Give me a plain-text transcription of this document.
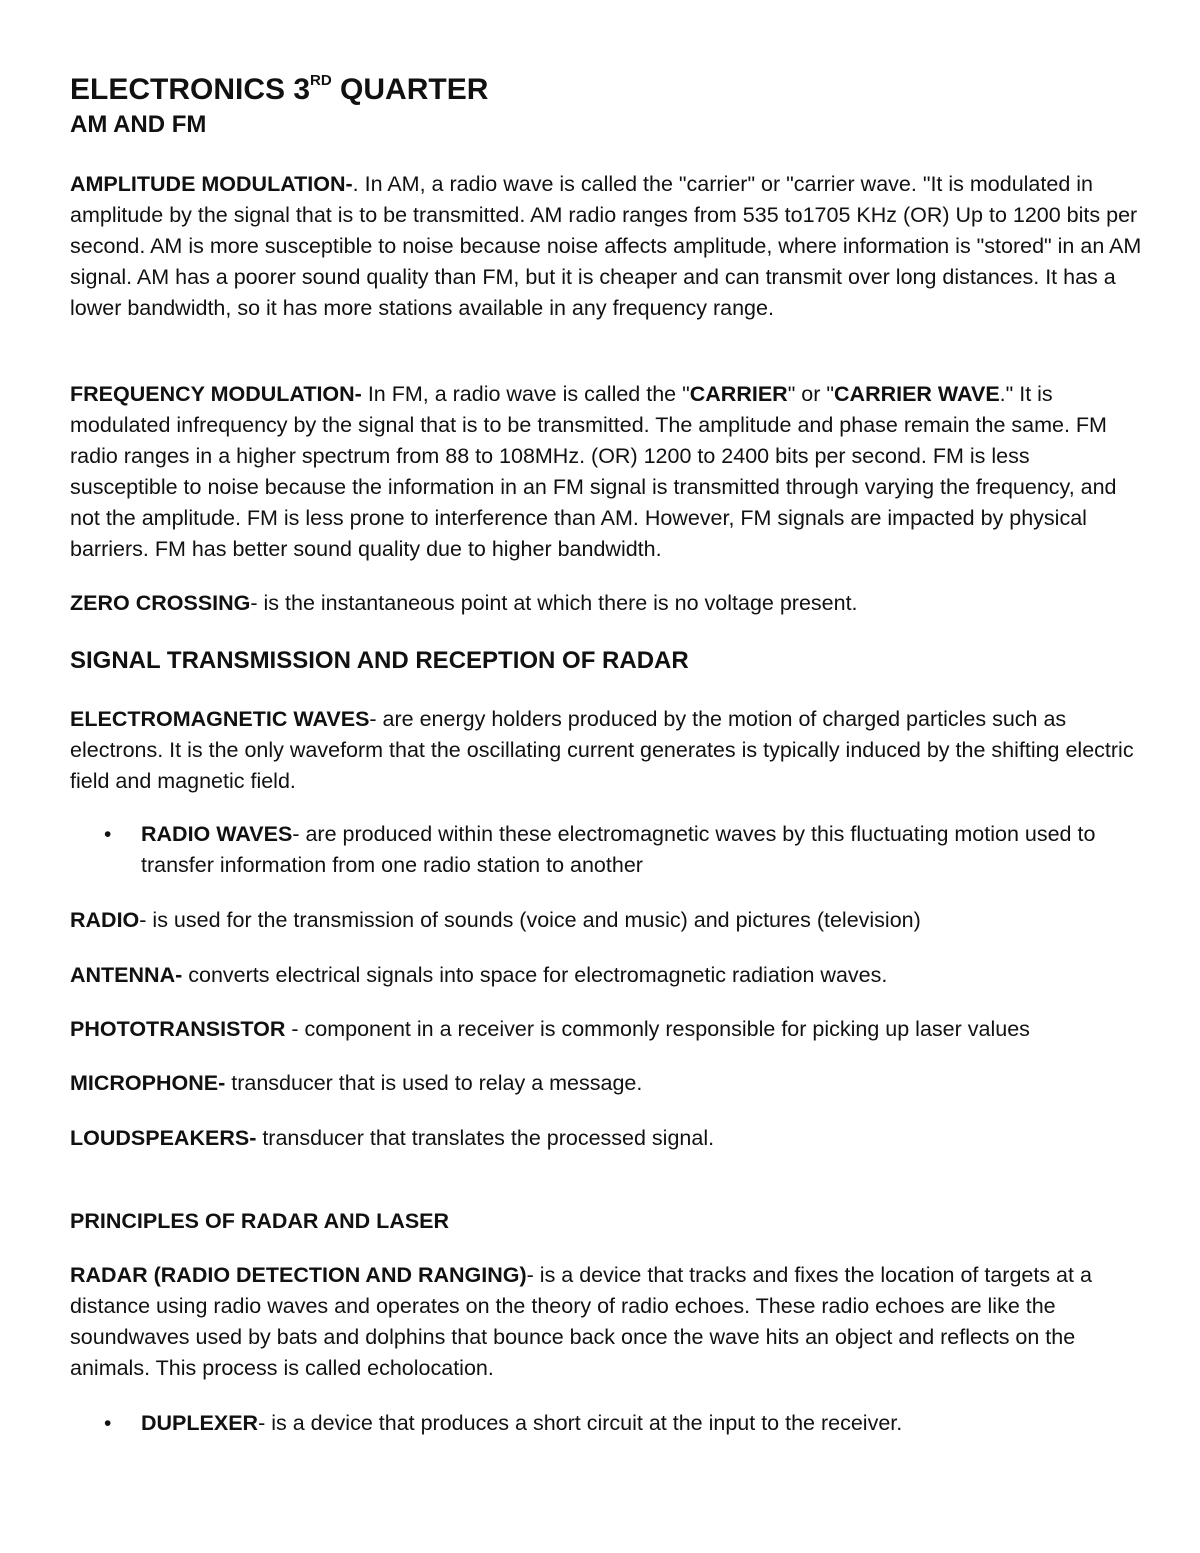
ELECTRONICS 3RD QUARTER
AM AND FM

AMPLITUDE MODULATION-. In AM, a radio wave is called the "carrier" or "carrier wave. "It is modulated in amplitude by the signal that is to be transmitted. AM radio ranges from 535 to1705 KHz (OR) Up to 1200 bits per second. AM is more susceptible to noise because noise affects amplitude, where information is "stored" in an AM signal. AM has a poorer sound quality than FM, but it is cheaper and can transmit over long distances. It has a lower bandwidth, so it has more stations available in any frequency range.

FREQUENCY MODULATION- In FM, a radio wave is called the "CARRIER" or "CARRIER WAVE." It is modulated infrequency by the signal that is to be transmitted. The amplitude and phase remain the same. FM radio ranges in a higher spectrum from 88 to 108MHz. (OR) 1200 to 2400 bits per second. FM is less susceptible to noise because the information in an FM signal is transmitted through varying the frequency, and not the amplitude. FM is less prone to interference than AM. However, FM signals are impacted by physical barriers. FM has better sound quality due to higher bandwidth.

ZERO CROSSING- is the instantaneous point at which there is no voltage present.

SIGNAL TRANSMISSION AND RECEPTION OF RADAR

ELECTROMAGNETIC WAVES- are energy holders produced by the motion of charged particles such as electrons. It is the only waveform that the oscillating current generates is typically induced by the shifting electric field and magnetic field.

•	RADIO WAVES- are produced within these electromagnetic waves by this fluctuating motion used to transfer information from one radio station to another

RADIO- is used for the transmission of sounds (voice and music) and pictures (television)

ANTENNA- converts electrical signals into space for electromagnetic radiation waves.

PHOTOTRANSISTOR - component in a receiver is commonly responsible for picking up laser values

MICROPHONE- transducer that is used to relay a message.

LOUDSPEAKERS- transducer that translates the processed signal.

PRINCIPLES OF RADAR AND LASER

RADAR (RADIO DETECTION AND RANGING)- is a device that tracks and fixes the location of targets at a distance using radio waves and operates on the theory of radio echoes. These radio echoes are like the soundwaves used by bats and dolphins that bounce back once the wave hits an object and reflects on the animals. This process is called echolocation.

•	DUPLEXER- is a device that produces a short circuit at the input to the receiver.
